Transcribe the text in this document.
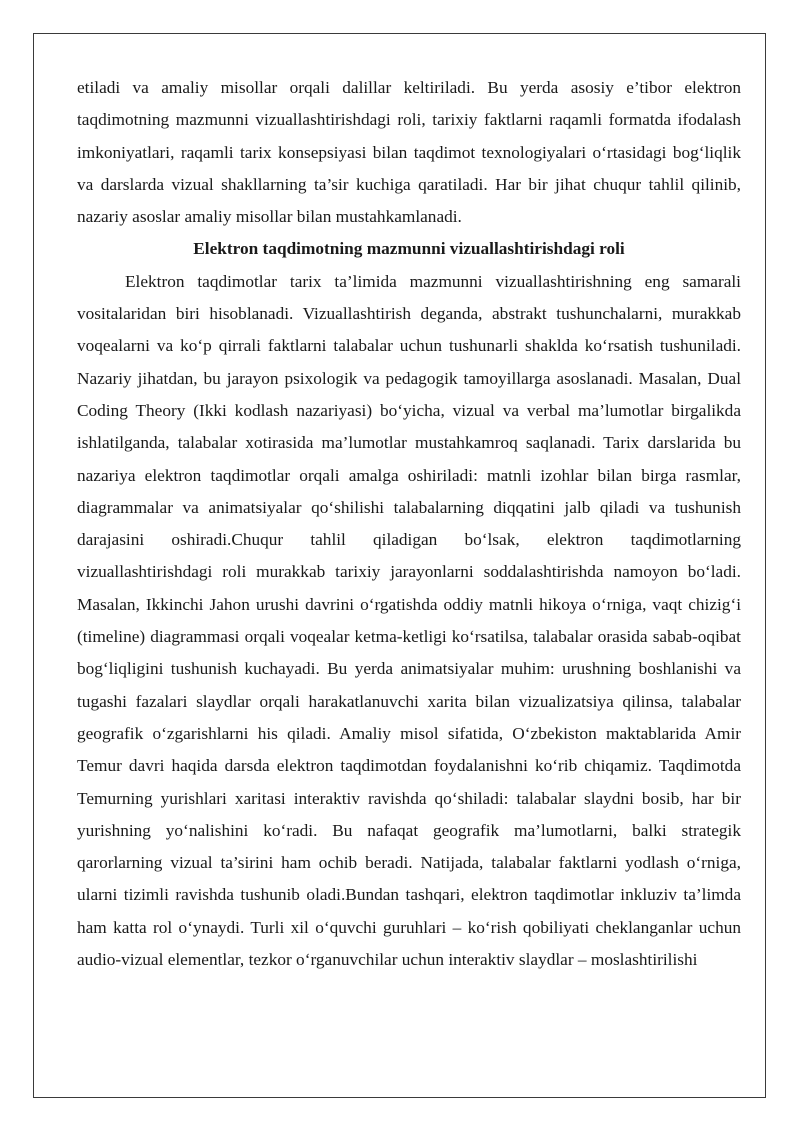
etiladi va amaliy misollar orqali dalillar keltiriladi. Bu yerda asosiy e’tibor elektron taqdimotning mazmunni vizuallashtirishdagi roli, tarixiy faktlarni raqamli formatda ifodalash imkoniyatlari, raqamli tarix konsepsiyasi bilan taqdimot texnologiyalari o‘rtasidagi bog‘liqlik va darslarda vizual shakllarning ta’sir kuchiga qaratiladi. Har bir jihat chuqur tahlil qilinib, nazariy asoslar amaliy misollar bilan mustahkamlanadi.

Elektron taqdimotning mazmunni vizuallashtirishdagi roli

Elektron taqdimotlar tarix ta’limida mazmunni vizuallashtirishning eng samarali vositalaridan biri hisoblanadi. Vizuallashtirish deganda, abstrakt tushunchalarni, murakkab voqealarni va ko‘p qirrali faktlarni talabalar uchun tushunarli shaklda ko‘rsatish tushuniladi. Nazariy jihatdan, bu jarayon psixologik va pedagogik tamoyillarga asoslanadi. Masalan, Dual Coding Theory (Ikki kodlash nazariyasi) bo‘yicha, vizual va verbal ma’lumotlar birgalikda ishlatilganda, talabalar xotirasida ma’lumotlar mustahkamroq saqlanadi. Tarix darslarida bu nazariya elektron taqdimotlar orqali amalga oshiriladi: matnli izohlar bilan birga rasmlar, diagrammalar va animatsiyalar qo‘shilishi talabalarning diqqatini jalb qiladi va tushunish darajasini oshiradi.Chuqur tahlil qiladigan bo‘lsak, elektron taqdimotlarning vizuallashtirishdagi roli murakkab tarixiy jarayonlarni soddalashtirishda namoyon bo‘ladi. Masalan, Ikkinchi Jahon urushi davrini o‘rgatishda oddiy matnli hikoya o‘rniga, vaqt chizig‘i (timeline) diagrammasi orqali voqealar ketma-ketligi ko‘rsatilsa, talabalar orasida sabab-oqibat bog‘liqligini tushunish kuchayadi. Bu yerda animatsiyalar muhim: urushning boshlanishi va tugashi fazalari slaydlar orqali harakatlanuvchi xarita bilan vizualizatsiya qilinsa, talabalar geografik o‘zgarishlarni his qiladi. Amaliy misol sifatida, O‘zbekiston maktablarida Amir Temur davri haqida darsda elektron taqdimotdan foydalanishni ko‘rib chiqamiz. Taqdimotda Temurning yurishlari xaritasi interaktiv ravishda qo‘shiladi: talabalar slaydni bosib, har bir yurishning yo‘nalishini ko‘radi. Bu nafaqat geografik ma’lumotlarni, balki strategik qarorlarning vizual ta’sirini ham ochib beradi. Natijada, talabalar faktlarni yodlash o‘rniga, ularni tizimli ravishda tushunib oladi.Bundan tashqari, elektron taqdimotlar inkluziv ta’limda ham katta rol o‘ynaydi. Turli xil o‘quvchi guruhlari – ko‘rish qobiliyati cheklanganlar uchun audio-vizual elementlar, tezkor o‘rganuvchilar uchun interaktiv slaydlar – moslashtirilishi
